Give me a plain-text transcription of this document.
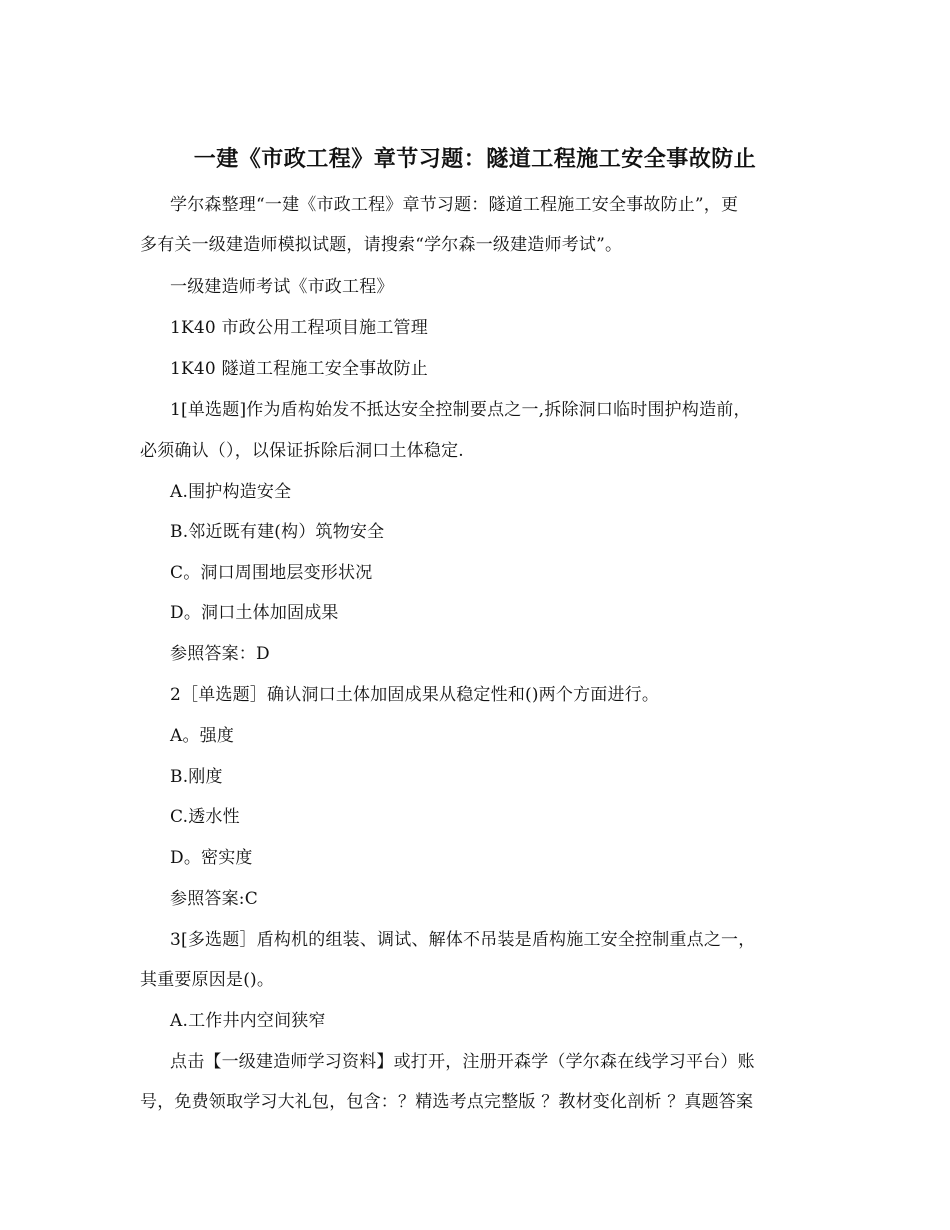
一建《市政工程》章节习题：隧道工程施工安全事故防止
学尔森整理“一建《市政工程》章节习题：隧道工程施工安全事故防止”，更
多有关一级建造师模拟试题，请搜索“学尔森一级建造师考试”。
一级建造师考试《市政工程》
1K40 市政公用工程项目施工管理
1K40 隧道工程施工安全事故防止
1[单选题]作为盾构始发不抵达安全控制要点之一,拆除洞口临时围护构造前，
必须确认（），以保证拆除后洞口土体稳定.
A.围护构造安全
B.邻近既有建(构）筑物安全
C。洞口周围地层变形状况
D。洞口土体加固成果
参照答案：D
2［单选题］确认洞口土体加固成果从稳定性和()两个方面进行。
A。强度
B.刚度
C.透水性
D。密实度
参照答案:C
3[多选题］盾构机的组装、调试、解体不吊装是盾构施工安全控制重点之一，
其重要原因是()。
A.工作井内空间狭窄
点击【一级建造师学习资料】或打开，注册开森学（学尔森在线学习平台）账
号，免费领取学习大礼包，包含：？精选考点完整版 ？教材变化剖析 ？真题答案
